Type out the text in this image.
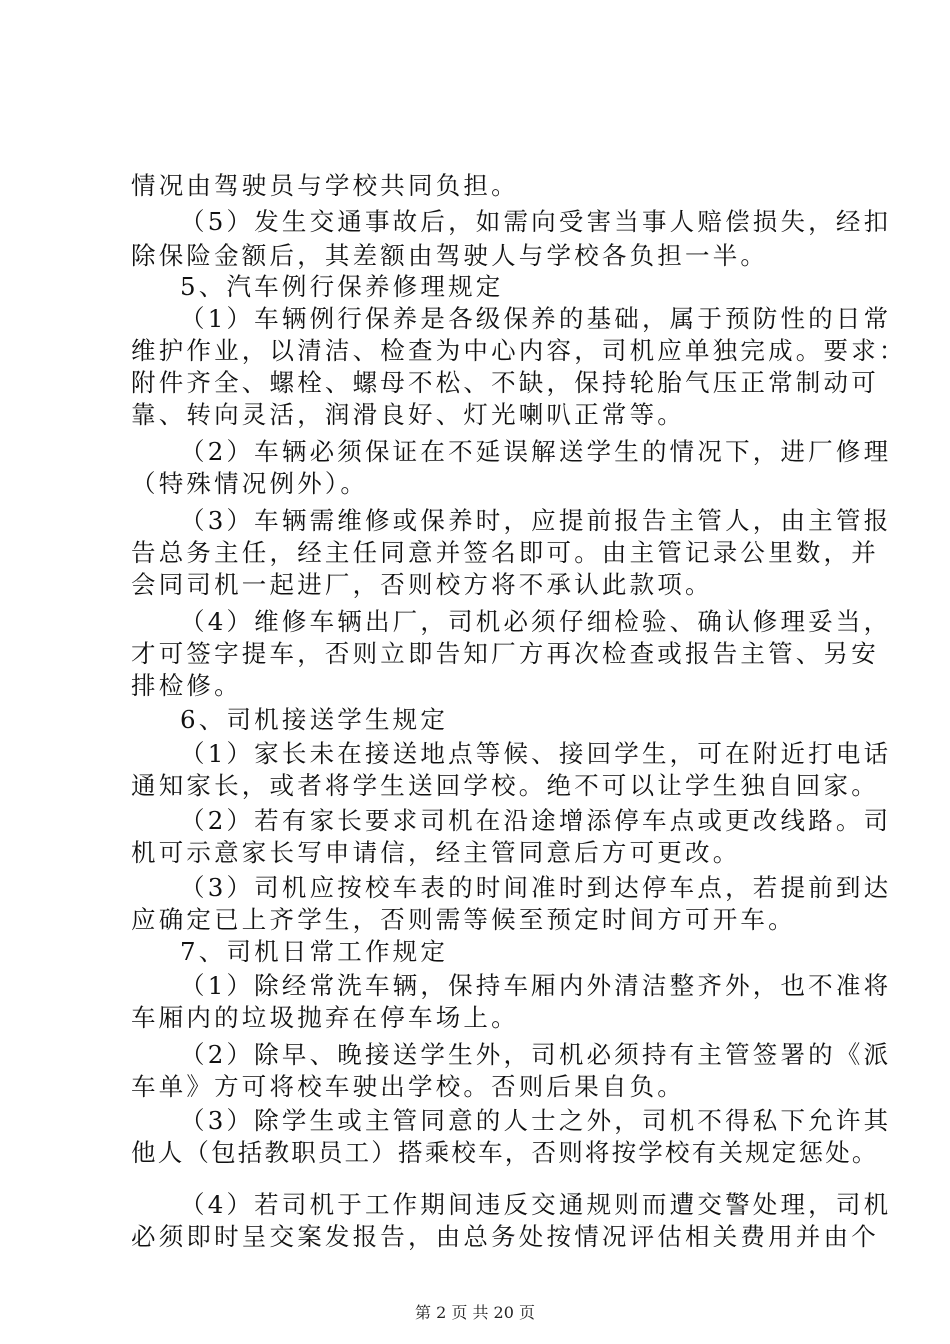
情况由驾驶员与学校共同负担。
（5）发生交通事故后，如需向受害当事人赔偿损失，经扣
除保险金额后，其差额由驾驶人与学校各负担一半。
5、汽车例行保养修理规定
（1）车辆例行保养是各级保养的基础，属于预防性的日常
维护作业，以清洁、检查为中心内容，司机应单独完成。要求：
附件齐全、螺栓、螺母不松、不缺，保持轮胎气压正常制动可
靠、转向灵活，润滑良好、灯光喇叭正常等。
（2）车辆必须保证在不延误解送学生的情况下，进厂修理
（特殊情况例外）。
（3）车辆需维修或保养时，应提前报告主管人，由主管报
告总务主任，经主任同意并签名即可。由主管记录公里数，并
会同司机一起进厂，否则校方将不承认此款项。
（4）维修车辆出厂，司机必须仔细检验、确认修理妥当，
才可签字提车，否则立即告知厂方再次检查或报告主管、另安
排检修。
6、司机接送学生规定
（1）家长未在接送地点等候、接回学生，可在附近打电话
通知家长，或者将学生送回学校。绝不可以让学生独自回家。
（2）若有家长要求司机在沿途增添停车点或更改线路。司
机可示意家长写申请信，经主管同意后方可更改。
（3）司机应按校车表的时间准时到达停车点，若提前到达
应确定已上齐学生，否则需等候至预定时间方可开车。
7、司机日常工作规定
（1）除经常洗车辆，保持车厢内外清洁整齐外，也不准将
车厢内的垃圾抛弃在停车场上。
（2）除早、晚接送学生外，司机必须持有主管签署的《派
车单》方可将校车驶出学校。否则后果自负。
（3）除学生或主管同意的人士之外，司机不得私下允许其
他人（包括教职员工）搭乘校车，否则将按学校有关规定惩处。
（4）若司机于工作期间违反交通规则而遭交警处理，司机
必须即时呈交案发报告，由总务处按情况评估相关费用并由个
第 2 页 共 20 页
